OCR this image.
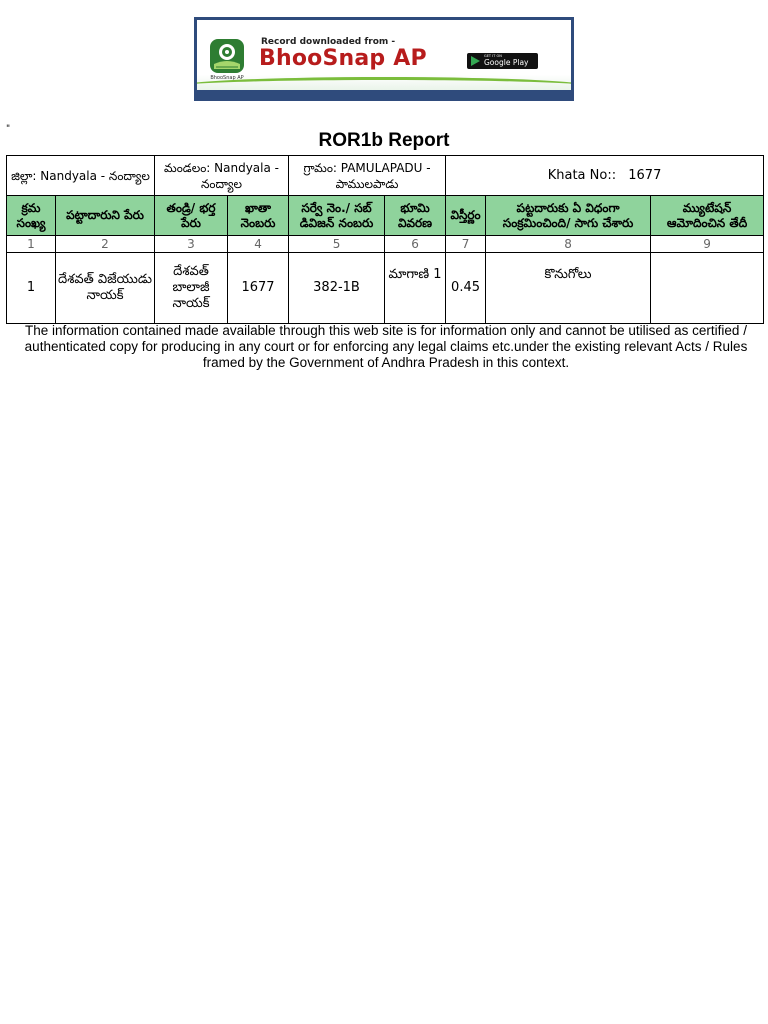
BhooSnap AP
Record downloaded from -
BhooSnap AP	GET IT ON
Google Play
"
ROR1b Report
జిల్లా: Nandyala - నంద్యాల		మండలం: Nandyala - నంద్యాల		గ్రామం: PAMULAPADU - పాములపాడు		Khata No:: 1677		
క్రమ సంఖ్య	పట్టాదారుని పేరు	తండ్రి/ భర్త పేరు	ఖాతా నెంబరు	సర్వే నెం./ సబ్ డివిజన్ నంబరు	భూమి వివరణ	విస్తీర్ణం	పట్టదారుకు ఏ విధంగా సంక్రమించింది/ సాగు చేశారు	మ్యుటేషన్ ఆమోదించిన తేదీ
1	2	3	4	5	6	7	8	9
1	దేశవత్ విజేయుడు నాయక్	దేశవత్ బాలాజీ నాయక్	1677	382-1B	మాగాణి 1	0.45	కొనుగోలు	
The information contained made available through this web site is for information only and cannot be utilised as certified / authenticated copy for producing in any court or for enforcing any legal claims etc.under the existing relevant Acts / Rules framed by the Government of Andhra Pradesh in this context.
